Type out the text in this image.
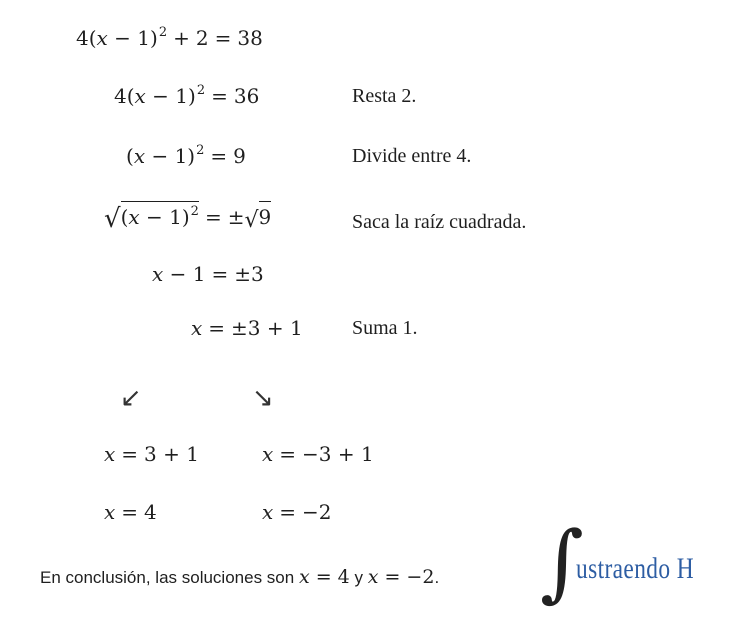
$4(x - 1)^2 + 2 = 38$
$4(x - 1)^2 = 36$	Resta 2.
$(x - 1)^2 = 9$	Divide entre 4.
$√(x - 1)^2 = \pm√9$	Saca la raíz cuadrada.
x − 1 = ±3
x = ±3 + 1 Suma 1.
↙	↘
x = 3 + 1	x = −3 + 1
x = 4	x = −2
En conclusión, las soluciones son x = 4 y x = −2. ∫
ustraendo H
